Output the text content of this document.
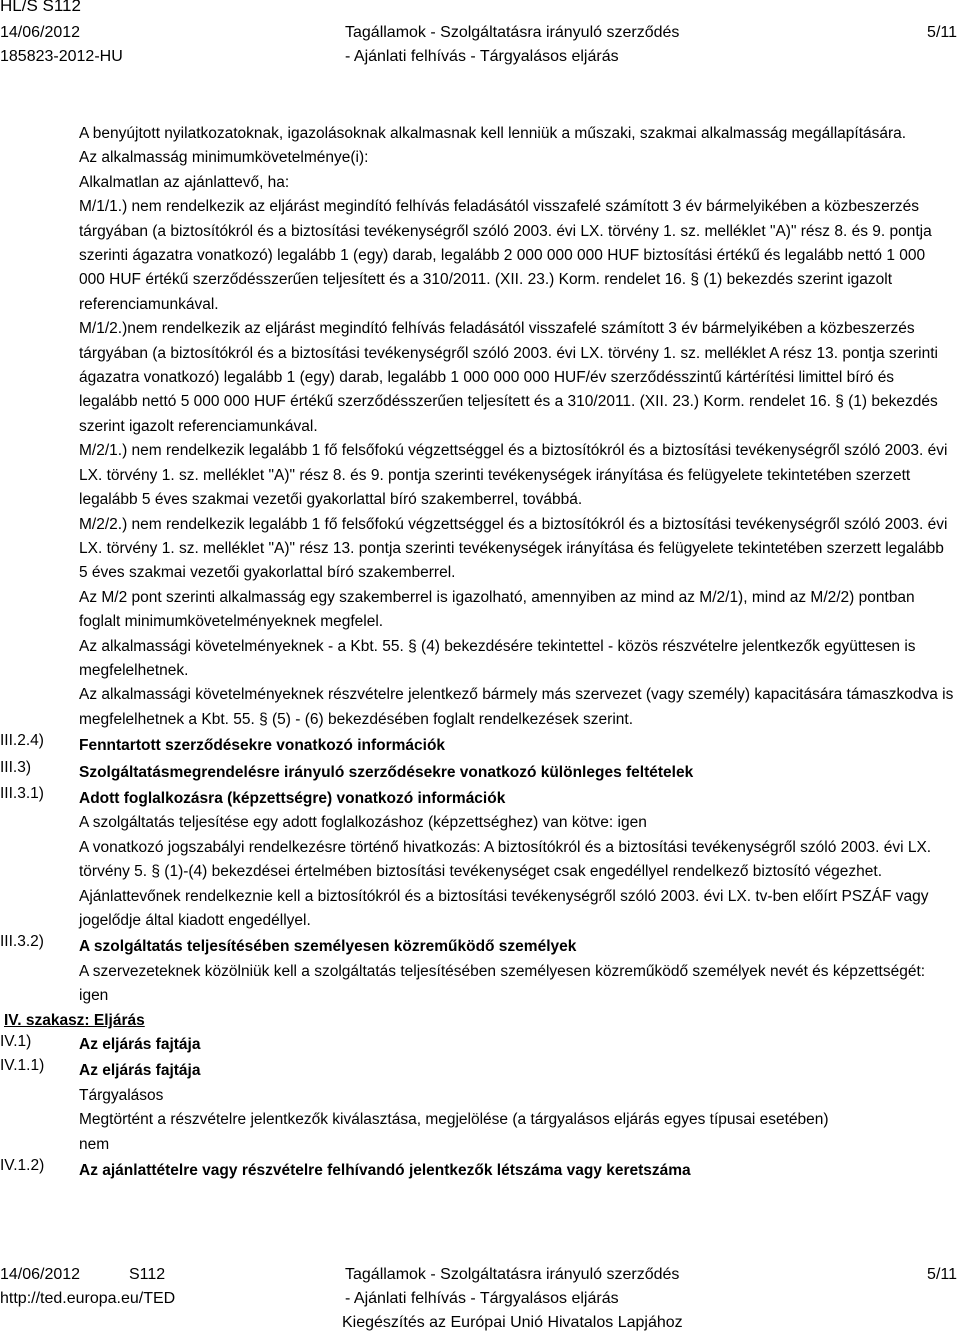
HL/S S112
14/06/2012
185823-2012-HU
Tagállamok - Szolgáltatásra irányuló szerződés
- Ajánlati felhívás - Tárgyalásos eljárás
5/11

A benyújtott nyilatkozatoknak, igazolásoknak alkalmasnak kell lenniük a műszaki, szakmai alkalmasság megállapítására.

Az alkalmasság minimumkövetelménye(i):

Alkalmatlan az ajánlattevő, ha:

M/1/1.) nem rendelkezik az eljárást megindító felhívás feladásától visszafelé számított 3 év bármelyikében a közbeszerzés tárgyában (a biztosítókról és a biztosítási tevékenységről szóló 2003. évi LX. törvény 1. sz. melléklet "A)" rész 8. és 9. pontja szerinti ágazatra vonatkozó) legalább 1 (egy) darab, legalább 2 000 000 000 HUF biztosítási értékű és legalább nettó 1 000 000 HUF értékű szerződésszerűen teljesített és a 310/2011. (XII. 23.) Korm. rendelet 16. § (1) bekezdés szerint igazolt referenciamunkával.

M/1/2.)nem rendelkezik az eljárást megindító felhívás feladásától visszafelé számított 3 év bármelyikében a közbeszerzés tárgyában (a biztosítókról és a biztosítási tevékenységről szóló 2003. évi LX. törvény 1. sz. melléklet A rész 13. pontja szerinti ágazatra vonatkozó) legalább 1 (egy) darab, legalább 1 000 000 000 HUF/év szerződésszintű kártérítési limittel bíró és legalább nettó 5 000 000 HUF értékű szerződésszerűen teljesített és a 310/2011. (XII. 23.) Korm. rendelet 16. § (1) bekezdés szerint igazolt referenciamunkával.

M/2/1.) nem rendelkezik legalább 1 fő felsőfokú végzettséggel és a biztosítókról és a biztosítási tevékenységről szóló 2003. évi LX. törvény 1. sz. melléklet "A)" rész 8. és 9. pontja szerinti tevékenységek irányítása és felügyelete tekintetében szerzett legalább 5 éves szakmai vezetői gyakorlattal bíró szakemberrel, továbbá.

M/2/2.) nem rendelkezik legalább 1 fő felsőfokú végzettséggel és a biztosítókról és a biztosítási tevékenységről szóló 2003. évi LX. törvény 1. sz. melléklet "A)" rész 13. pontja szerinti tevékenységek irányítása és felügyelete tekintetében szerzett legalább 5 éves szakmai vezetői gyakorlattal bíró szakemberrel.

Az M/2 pont szerinti alkalmasság egy szakemberrel is igazolható, amennyiben az mind az M/2/1), mind az M/2/2) pontban foglalt minimumkövetelményeknek megfelel.

Az alkalmassági követelményeknek - a Kbt. 55. § (4) bekezdésére tekintettel - közös részvételre jelentkezők együttesen is megfelelhetnek.

Az alkalmassági követelményeknek részvételre jelentkező bármely más szervezet (vagy személy) kapacitására támaszkodva is megfelelhetnek a Kbt. 55. § (5) - (6) bekezdésében foglalt rendelkezések szerint.

III.2.4)	Fenntartott szerződésekre vonatkozó információk

III.3)	Szolgáltatásmegrendelésre irányuló szerződésekre vonatkozó különleges feltételek

III.3.1)	Adott foglalkozásra (képzettségre) vonatkozó információk

A szolgáltatás teljesítése egy adott foglalkozáshoz (képzettséghez) van kötve: igen

A vonatkozó jogszabályi rendelkezésre történő hivatkozás: A biztosítókról és a biztosítási tevékenységről szóló 2003. évi LX. törvény 5. § (1)-(4) bekezdései értelmében biztosítási tevékenységet csak engedéllyel rendelkező biztosító végezhet. Ajánlattevőnek rendelkeznie kell a biztosítókról és a biztosítási tevékenységről szóló 2003. évi LX. tv-ben előírt PSZÁF vagy jogelődje által kiadott engedéllyel.

III.3.2)	A szolgáltatás teljesítésében személyesen közreműködő személyek

A szervezeteknek közölniük kell a szolgáltatás teljesítésében személyesen közreműködő személyek nevét és képzettségét: igen

IV. szakasz: Eljárás

IV.1)	Az eljárás fajtája

IV.1.1)	Az eljárás fajtája

Tárgyalásos

Megtörtént a részvételre jelentkezők kiválasztása, megjelölése (a tárgyalásos eljárás egyes típusai esetében)

nem

IV.1.2)	Az ajánlattételre vagy részvételre felhívandó jelentkezők létszáma vagy keretszáma

14/06/2012	S112
http://ted.europa.eu/TED
Tagállamok - Szolgáltatásra irányuló szerződés
- Ajánlati felhívás - Tárgyalásos eljárás
Kiegészítés az Európai Unió Hivatalos Lapjához
5/11
